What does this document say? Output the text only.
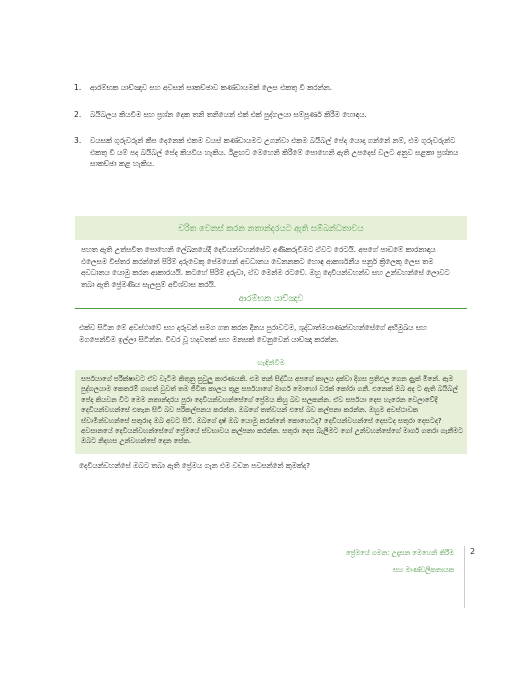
1.	ආරම්භක යාච්ඤාව සහ අවසන් සාකච්ඡාව කණ්ඩායමක් ලෙස එකතු වී කරන්න.
2.	බයිබලය කියවීම සහ ප්‍රශ්න දෙක තනි තනියෙන් එක් එක් පුද්ගලයා සම්පූර්ණ කිරීම හොඳය.
3.	වයසක් ගුරුවරුන් කීප දෙනෙක් එකම වයස් කණ්ඩායමට උගන්වා එකම බයිබල් පේද යොදා ගන්නේ නම්, එම ගුරුවරුන්ට එකතු වී යම් පද බයිබල් පේද කියවිය හැකිය. ඊළඟට මෙහෙනි කිරීමේ පොහෙනි ඇති උපදෙස් වලට අනුව සළකා ප්‍රශ්නය සාකච්ඡා කළ හැකිය.
චරිත වෙනස් කරන නතාන්දරයට ඇති සම්බන්ධතාවය

පහත ඇති උත්සවීත පොහෙනි ලේඛනයේදී දෙවියන්වහන්සේට අණිකරුවීමට ඒවට රෙටයි. අපගේ පාඩමේ කාරනාඳාය ඵලෙසම විස්තර කරන්නේ පිරිම් දරුවෙකු පේමයෙන් අවධානය වෙනනකට හොඳ ආකර්ශනීය පනුර් ක්‍රිලෙකු ලෙස තම අවධානය යොමු කරන ආකාරයයි. කටහේ පිරිම් දරුවා, ඒව මෙන්ම රටවේ. ඔහු දෙවියන්වහන්ව සහ උන්වහන්සේ ලොවට තබා ඇති ප්‍රේමණීය සැලසුම් අවිශ්වාස කරයි.

ආරම්භක යාච්ඤාව

එක්ව සිටින මේ අවස්ථාවේ සහ දරුවන් සමග ගත කරන දිනය පුරාවටම, ශුද්ධාත්මයාණන්වහන්සේගේ අභිමුඛය සහ මගපෙන්වීම ඉල්ලා සිටින්න. විවර වූ හදවතක් සහ මනසක් වෙනුවෙන් යාච්ඤා කරන්න.

හැඳින්වීම

සර්පයාගේ පරීක්ෂාවට ඒව වැටීම කිතුනු සුවුලු කාරණයකි. එම තන් සිද්ධිය අපගේ කාලය දක්වා දිගස ප්‍රතිඵල ගෙන ඇුක් මිනේ. ඇම පුද්ගලයාම කෙතරම් ගාගත් වුවත් තම ජීවිත කාලය තුළ සර්පයාගේ මාර්ග මොහෝ වරක් කෝරා ගනී. එනෙක් ඔබ අද ට ඇති බයිබල් පේද කියවන විට මෙම නතාන්දරය පුරා දෙවියන්වහන්සේගේ ප්‍රේමය කිහු බව සලකන්න. ඒව සර්පයා දෙස හැරෙන වෙලාවේදී දෙවියන්වහන්සේ එතැන සිටි බව පරිකල්පනය කරන්න. ඔබගේ තත්වයන් එසේ බව කල්පනා කරන්න. ඔහුම අවස්ථාවක ස්වාමීන්වහන්සේ සතුරාද ඔබ අවට සිටී. ඔබගේ දෘෂ් ඔබ යොමු කරන්නේ කොහෙටද? දෙවියන්වහන්සේ දෙසටද සතුරා දෙසටද? අවසානයේ දෙවියන්වහන්සේගේ ප්‍රේමයේ ස්වභාවය කල්පනා කරන්න. සතුරා දෙස බැලීමට ගෝ උන්වහන්සේගේ මාර්ග ගතරා ගැනීමට ඔබට නිදහස උන්වහන්සේ දෙන සේක.

දෙවියන්වහන්සේ ඔබට තබා ඇති ප්‍රේමය ගැන එම වචන පවසන්නේ කුමක්ද?

ප්‍රේමයේ ගමන: උදෑසන මෙහෙනි කිරීම
සහ මාණ්ඩලිකතායක
2
